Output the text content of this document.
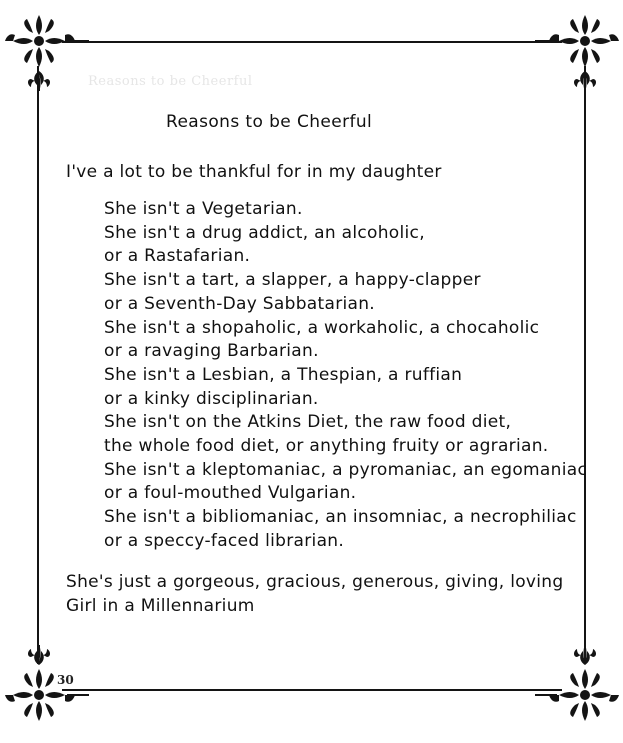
Reasons to be Cheerful
Reasons to be Cheerful
I've a lot to be thankful for in my daughter
She isn't a Vegetarian.
She isn't a drug addict, an alcoholic,
or a Rastafarian.
She isn't a tart, a slapper, a happy-clapper
or a Seventh-Day Sabbatarian.
She isn't a shopaholic, a workaholic, a chocaholic
or a ravaging Barbarian.
She isn't a Lesbian, a Thespian, a ruffian
or a kinky disciplinarian.
She isn't on the Atkins Diet, the raw food diet,
the whole food diet, or anything fruity or agrarian.
She isn't a kleptomaniac, a pyromaniac, an egomaniac
or a foul-mouthed Vulgarian.
She isn't a bibliomaniac, an insomniac, a necrophiliac
or a speccy-faced librarian.
She's just a gorgeous, gracious, generous, giving, loving
Girl in a Millennarium
30
